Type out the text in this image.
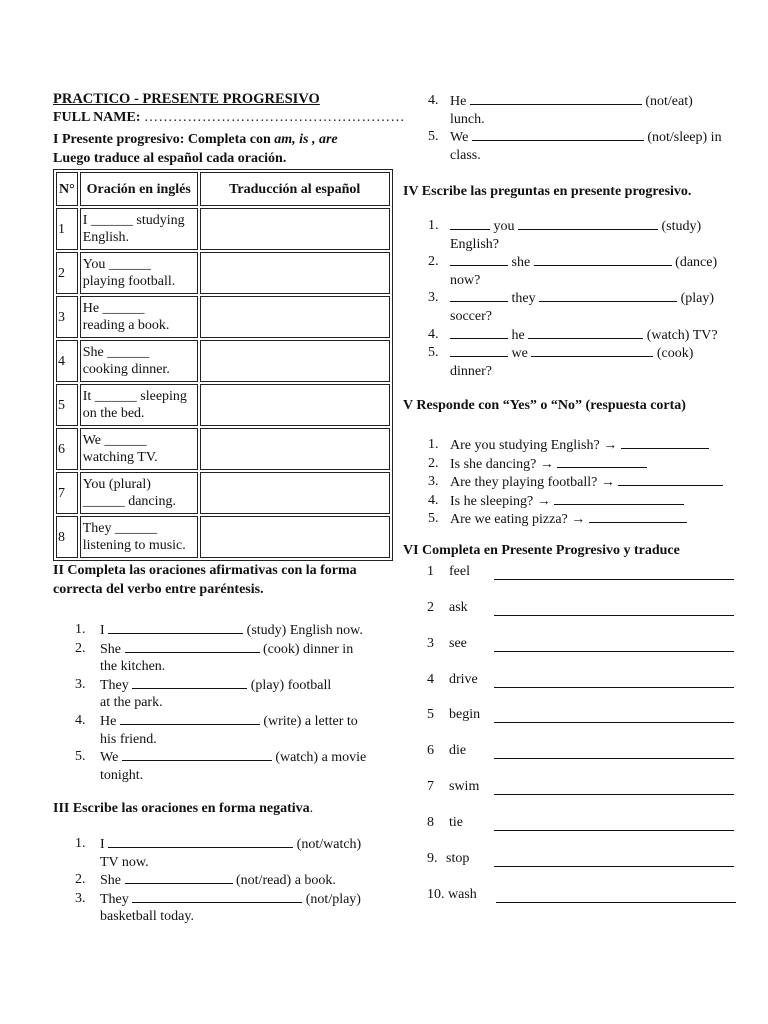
PRACTICO - PRESENTE PROGRESIVO
FULL NAME: ………………………………………………
I Presente progresivo: Completa con am, is , are
Luego traduce al español cada oración.
N°	Oración en inglés	Traducción al español
1	I ______ studying
English.	

2	You ______
playing football.	

3	He ______
reading a book.	

4	She ______
cooking dinner.	

5	It ______ sleeping
on the bed.	

6	We ______
watching TV.	

7	You (plural)
______ dancing.	

8	They ______
listening to music.	

II Completa las oraciones afirmativas con la forma
correcta del verbo entre paréntesis.
1. I	(study) English now.
2. She	(cook) dinner in
the kitchen.
3. They	(play) football
at the park.
4. He	(write) a letter to
his friend.
5. We	(watch) a movie
tonight.
III Escribe las oraciones en forma negativa.
1. I	(not/watch)
TV now.
2. She	(not/read) a book.
3. They	(not/play)
basketball today.
4. He	(not/eat)
lunch.
5. We	(not/sleep) in
class.
IV Escribe las preguntas en presente progresivo.
1.	you	(study)
English?
2.	she	(dance)
now?
3.	they	(play)
soccer?
4.	he	(watch) TV?
5.	we	(cook)
dinner?
V Responde con “Yes” o “No” (respuesta corta)
1. Are you studying English? →
2. Is she dancing? →
3. Are they playing football? →
4. Is he sleeping? →
5. Are we eating pizza? →
VI Completa en Presente Progresivo y traduce
1 feel
2 ask
3 see
4 drive
5 begin
6 die
7 swim
8 tie
9. stop
10. wash
